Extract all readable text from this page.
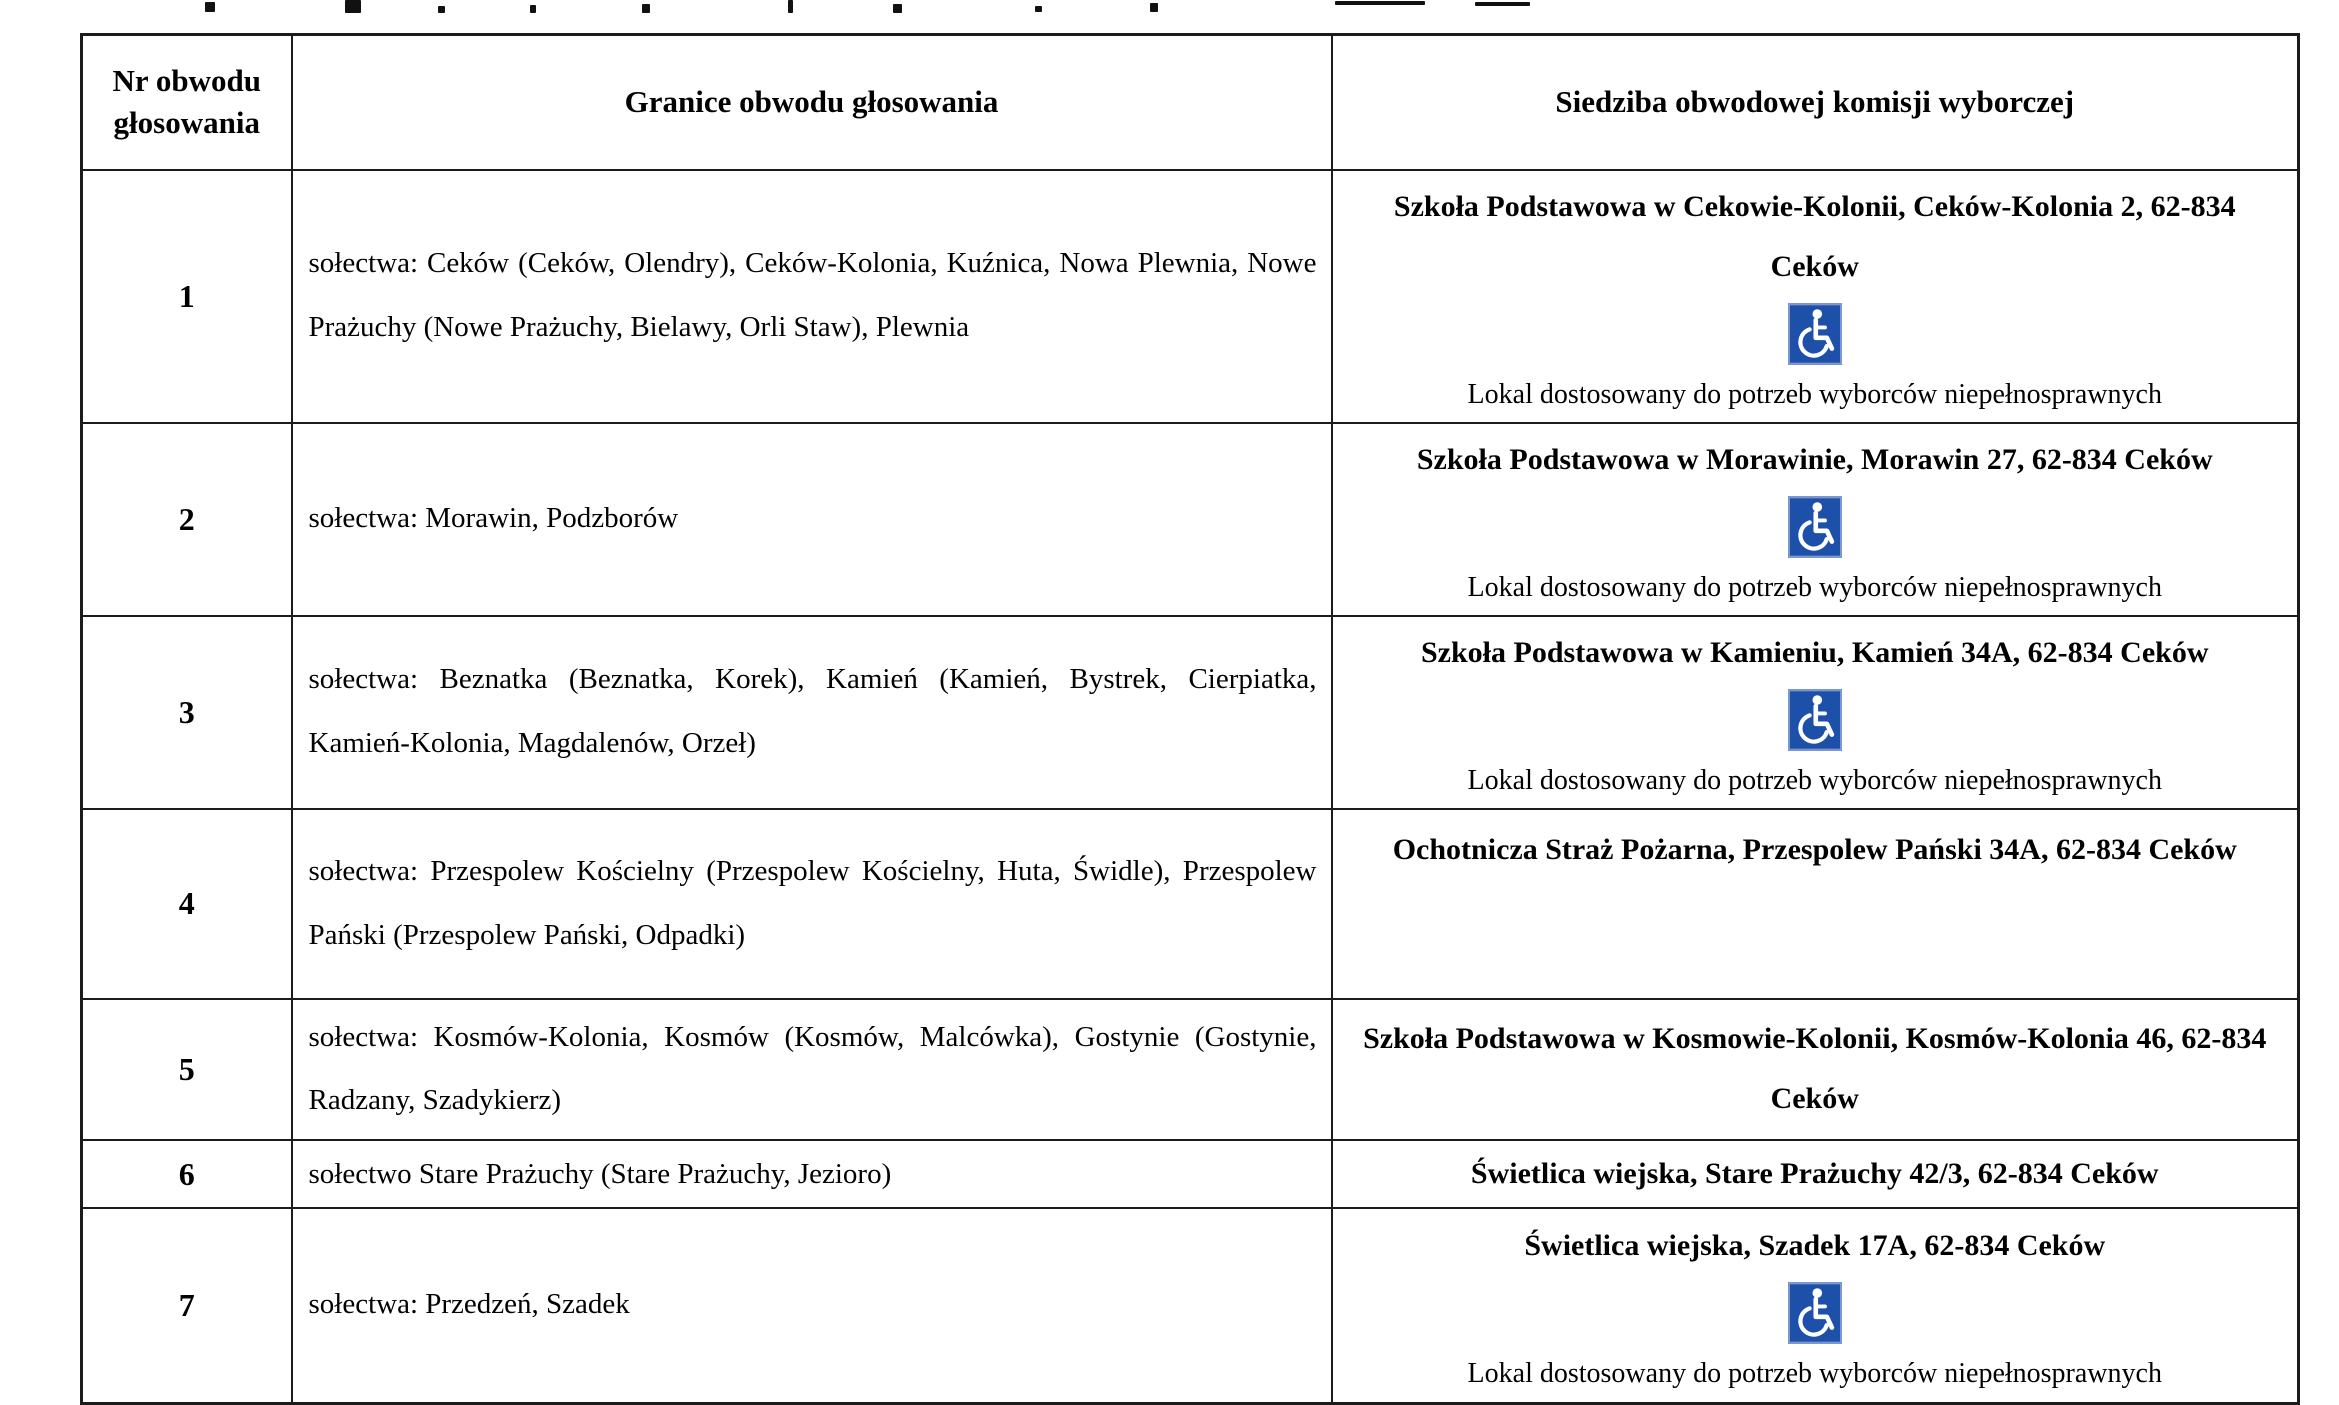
Nr obwodu głosowania	Granice obwodu głosowania	Siedziba obwodowej komisji wyborczej
1	sołectwa: Ceków (Ceków, Olendry), Ceków-Kolonia, Kuźnica, Nowa Plewnia, Nowe Prażuchy (Nowe Prażuchy, Bielawy, Orli Staw), Plewnia	Szkoła Podstawowa w Cekowie-Kolonii, Ceków-Kolonia 2, 62-834 Ceków
Lokal dostosowany do potrzeb wyborców niepełnosprawnych

2	sołectwa: Morawin, Podzborów	Szkoła Podstawowa w Morawinie, Morawin 27, 62-834 Ceków
Lokal dostosowany do potrzeb wyborców niepełnosprawnych

3	sołectwa: Beznatka (Beznatka, Korek), Kamień (Kamień, Bystrek, Cierpiatka, Kamień-Kolonia, Magdalenów, Orzeł)	Szkoła Podstawowa w Kamieniu, Kamień 34A, 62-834 Ceków
Lokal dostosowany do potrzeb wyborców niepełnosprawnych

4	sołectwa: Przespolew Kościelny (Przespolew Kościelny, Huta, Świdle), Przespolew Pański (Przespolew Pański, Odpadki)	Ochotnicza Straż Pożarna, Przespolew Pański 34A, 62-834 Ceków

5	sołectwa: Kosmów-Kolonia, Kosmów (Kosmów, Malcówka), Gostynie (Gostynie, Radzany, Szadykierz)	Szkoła Podstawowa w Kosmowie-Kolonii, Kosmów-Kolonia 46, 62-834 Ceków

6	sołectwo Stare Prażuchy (Stare Prażuchy, Jezioro)	Świetlica wiejska, Stare Prażuchy 42/3, 62-834 Ceków

7	sołectwa: Przedzeń, Szadek	Świetlica wiejska, Szadek 17A, 62-834 Ceków
Lokal dostosowany do potrzeb wyborców niepełnosprawnych
